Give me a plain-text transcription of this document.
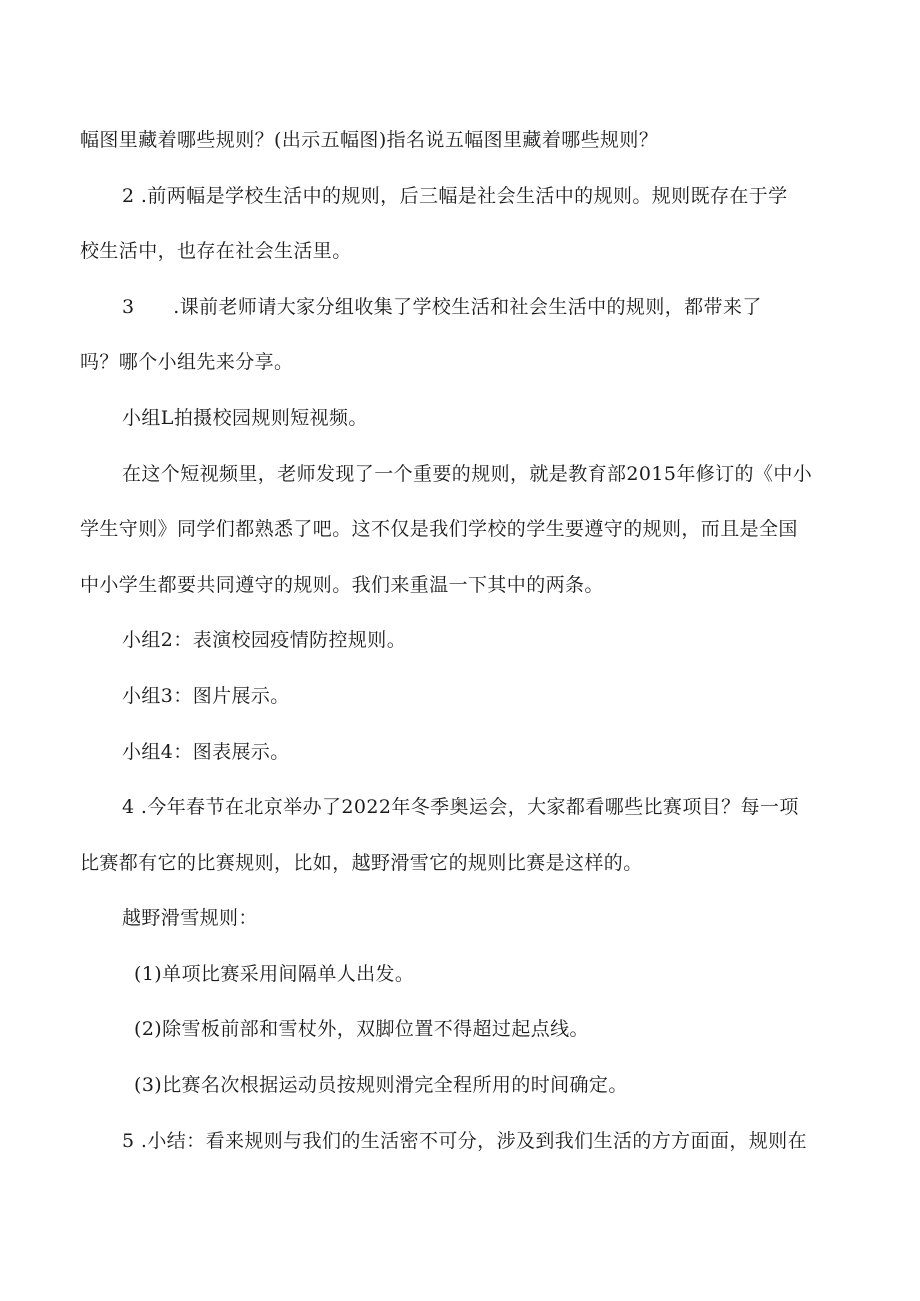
幅图里藏着哪些规则？(出示五幅图)指名说五幅图里藏着哪些规则？
2 .前两幅是学校生活中的规则，后三幅是社会生活中的规则。规则既存在于学
校生活中，也存在社会生活里。
3　　.课前老师请大家分组收集了学校生活和社会生活中的规则，都带来了
吗？哪个小组先来分享。
小组L拍摄校园规则短视频。
在这个短视频里，老师发现了一个重要的规则，就是教育部2015年修订的《中小
学生守则》同学们都熟悉了吧。这不仅是我们学校的学生要遵守的规则，而且是全国
中小学生都要共同遵守的规则。我们来重温一下其中的两条。
小组2：表演校园疫情防控规则。
小组3：图片展示。
小组4：图表展示。
4 .今年春节在北京举办了2022年冬季奥运会，大家都看哪些比赛项目？每一项
比赛都有它的比赛规则，比如，越野滑雪它的规则比赛是这样的。
越野滑雪规则：
(1)单项比赛采用间隔单人出发。
(2)除雪板前部和雪杖外，双脚位置不得超过起点线。
(3)比赛名次根据运动员按规则滑完全程所用的时间确定。
5 .小结：看来规则与我们的生活密不可分，涉及到我们生活的方方面面，规则在
